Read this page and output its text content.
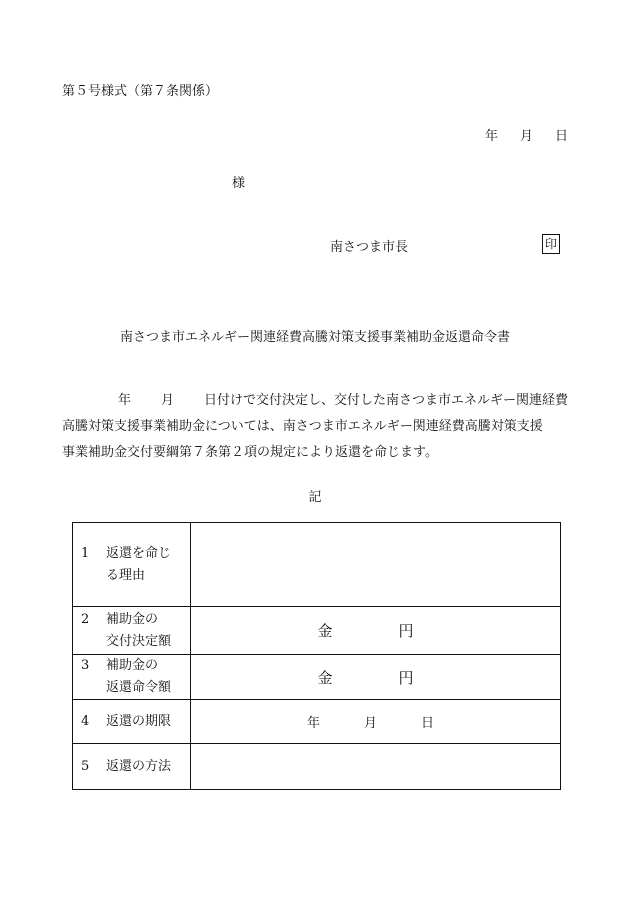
第５号様式（第７条関係）
年 月 日
様
南さつま市長	印
南さつま市エネルギー関連経費高騰対策支援事業補助金返還命令書
年 月 日付けで交付決定し、交付した南さつま市エネルギー関連経費
高騰対策支援事業補助金については、南さつま市エネルギー関連経費高騰対策支援
事業補助金交付要綱第７条第２項の規定により返還を命じます。
記
1 返還を命じ
る理由	

2 補助金の
交付決定額	金 円

3 補助金の
返還命令額	金 円

4 返還の期限	年 月 日

5 返還の方法	
